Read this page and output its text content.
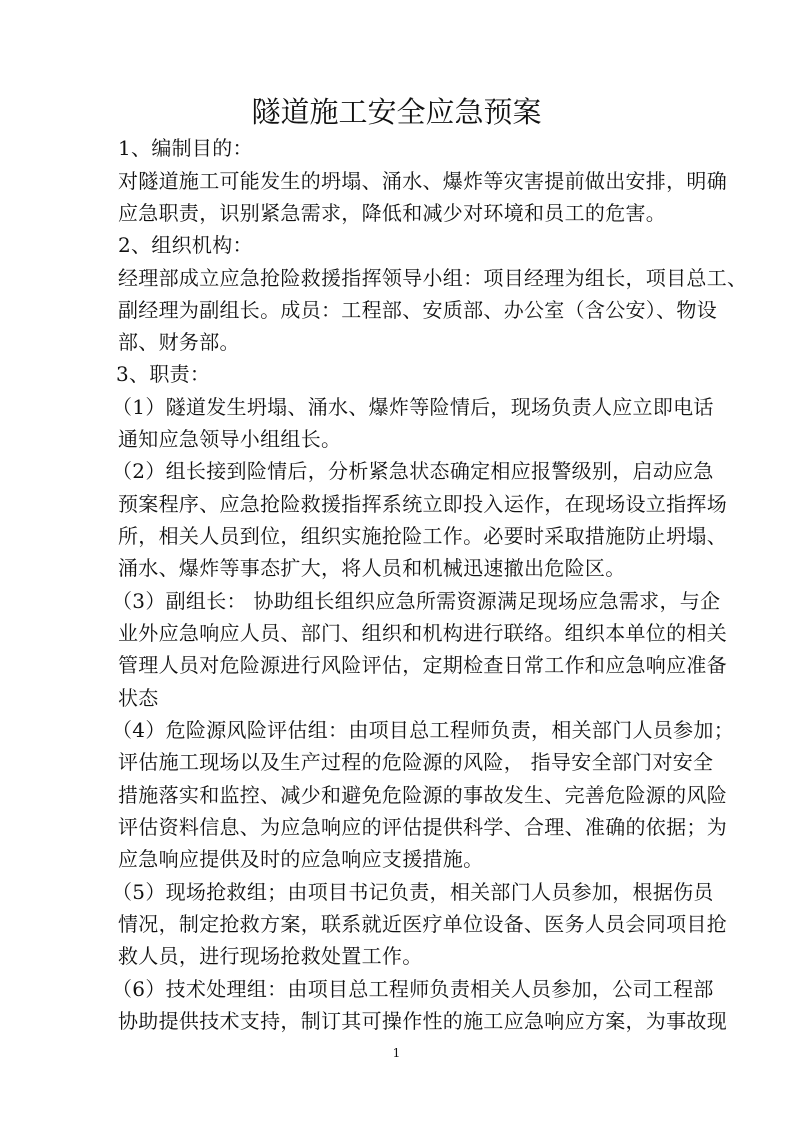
隧道施工安全应急预案
1、编制目的：
对隧道施工可能发生的坍塌、涌水、爆炸等灾害提前做出安排，明确
应急职责，识别紧急需求，降低和减少对环境和员工的危害。
2、组织机构：
经理部成立应急抢险救援指挥领导小组：项目经理为组长，项目总工、
副经理为副组长。成员：工程部、安质部、办公室（含公安）、物设
部、财务部。
3、职责：
（1）隧道发生坍塌、涌水、爆炸等险情后，现场负责人应立即电话
通知应急领导小组组长。
（2）组长接到险情后，分析紧急状态确定相应报警级别，启动应急
预案程序、应急抢险救援指挥系统立即投入运作，在现场设立指挥场
所，相关人员到位，组织实施抢险工作。必要时采取措施防止坍塌、
涌水、爆炸等事态扩大，将人员和机械迅速撤出危险区。
（3）副组长： 协助组长组织应急所需资源满足现场应急需求，与企
业外应急响应人员、部门、组织和机构进行联络。组织本单位的相关
管理人员对危险源进行风险评估，定期检查日常工作和应急响应准备
状态
（4）危险源风险评估组：由项目总工程师负责，相关部门人员参加；
评估施工现场以及生产过程的危险源的风险， 指导安全部门对安全
措施落实和监控、减少和避免危险源的事故发生、完善危险源的风险
评估资料信息、为应急响应的评估提供科学、合理、准确的依据；为
应急响应提供及时的应急响应支援措施。
（5）现场抢救组；由项目书记负责，相关部门人员参加，根据伤员
情况，制定抢救方案，联系就近医疗单位设备、医务人员会同项目抢
救人员，进行现场抢救处置工作。
（6）技术处理组：由项目总工程师负责相关人员参加，公司工程部
协助提供技术支持，制订其可操作性的施工应急响应方案，为事故现
1
